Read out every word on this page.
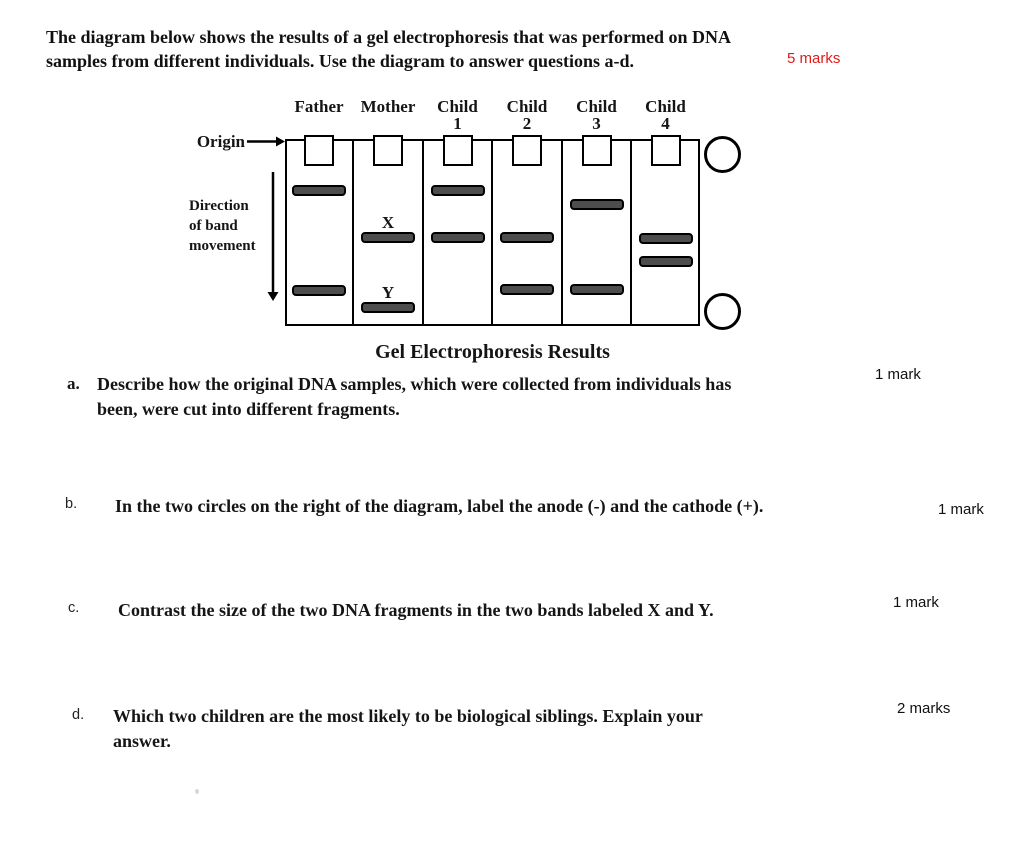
The diagram below shows the results of a gel electrophoresis that was performed on DNA
samples from different individuals. Use the diagram to answer questions a-d.	5 marks
Father	Mother
X
Y
Child
1
Child
2
Child
3
Child
4
Origin
Direction
of band
movement
Gel Electrophoresis Results
a. Describe how the original DNA samples, which were collected from individuals has
been, were cut into different fragments.
1 mark
b. In the two circles on the right of the diagram, label the anode (-) and the cathode (+).	1 mark
c. Contrast the size of the two DNA fragments in the two bands labeled X and Y.	1 mark
d. Which two children are the most likely to be biological siblings. Explain your
answer.
2 marks
